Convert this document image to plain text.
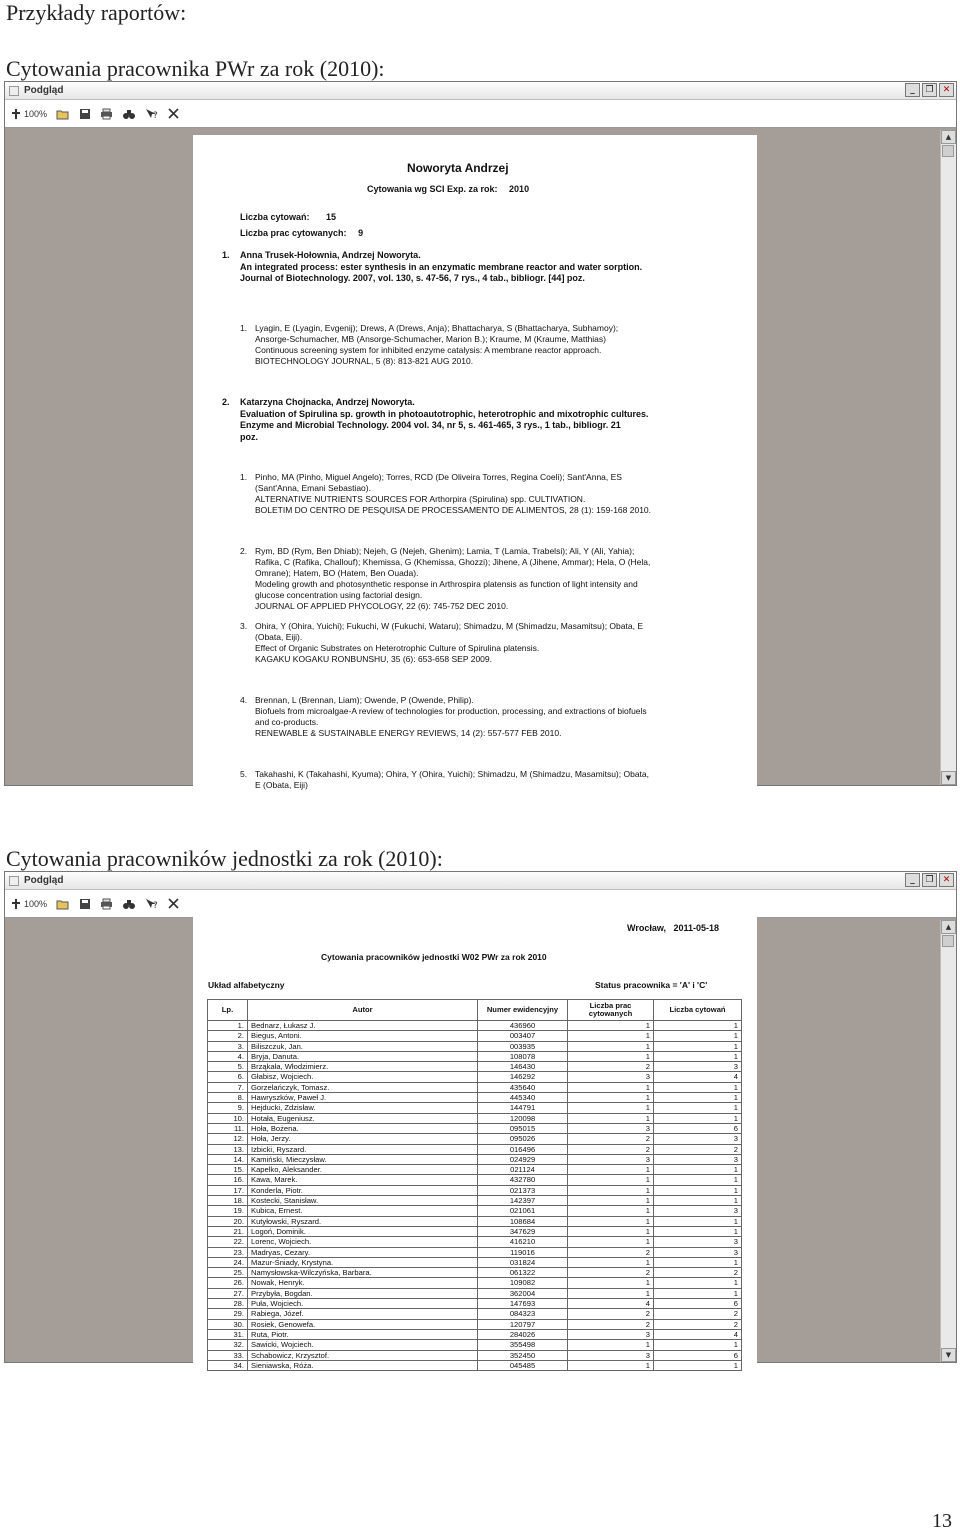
Przykłady raportów:
Cytowania pracownika PWr za rok (2010):
Podgląd	_	❐	✕
100%	?
Noworyta Andrzej
Cytowania wg SCI Exp. za rok: 2010
Liczba cytowań: 15
Liczba prac cytowanych: 9
1. Anna Trusek-Hołownia, Andrzej Noworyta.
An integrated process: ester synthesis in an enzymatic membrane reactor and water sorption.
Journal of Biotechnology. 2007, vol. 130, s. 47-56, 7 rys., 4 tab., bibliogr. [44] poz.
1. Lyagin, E (Lyagin, Evgenij); Drews, A (Drews, Anja); Bhattacharya, S (Bhattacharya, Subhamoy);
Ansorge-Schumacher, MB (Ansorge-Schumacher, Marion B.); Kraume, M (Kraume, Matthias)
Continuous screening system for inhibited enzyme catalysis: A membrane reactor approach.
BIOTECHNOLOGY JOURNAL, 5 (8): 813-821 AUG 2010.
2. Katarzyna Chojnacka, Andrzej Noworyta.
Evaluation of Spirulina sp. growth in photoautotrophic, heterotrophic and mixotrophic cultures.
Enzyme and Microbial Technology. 2004 vol. 34, nr 5, s. 461-465, 3 rys., 1 tab., bibliogr. 21
poz.
1. Pinho, MA (Pinho, Miguel Angelo); Torres, RCD (De Oliveira Torres, Regina Coeli); Sant'Anna, ES
(Sant'Anna, Emani Sebastiao).
ALTERNATIVE NUTRIENTS SOURCES FOR Arthorpira (Spirulina) spp. CULTIVATION.
BOLETIM DO CENTRO DE PESQUISA DE PROCESSAMENTO DE ALIMENTOS, 28 (1): 159-168 2010.
2. Rym, BD (Rym, Ben Dhiab); Nejeh, G (Nejeh, Ghenim); Lamia, T (Lamia, Trabelsi); Ali, Y (Ali, Yahia);
Rafika, C (Rafika, Challouf); Khemissa, G (Khemissa, Ghozzi); Jihene, A (Jihene, Ammar); Hela, O (Hela,
Omrane); Hatem, BO (Hatem, Ben Ouada).
Modeling growth and photosynthetic response in Arthrospira platensis as function of light intensity and
glucose concentration using factorial design.
JOURNAL OF APPLIED PHYCOLOGY, 22 (6): 745-752 DEC 2010.
3. Ohira, Y (Ohira, Yuichi); Fukuchi, W (Fukuchi, Wataru); Shimadzu, M (Shimadzu, Masamitsu); Obata, E
(Obata, Eiji).
Effect of Organic Substrates on Heterotrophic Culture of Spirulina platensis.
KAGAKU KOGAKU RONBUNSHU, 35 (6): 653-658 SEP 2009.
4. Brennan, L (Brennan, Liam); Owende, P (Owende, Philip).
Biofuels from microalgae-A review of technologies for production, processing, and extractions of biofuels
and co-products.
RENEWABLE & SUSTAINABLE ENERGY REVIEWS, 14 (2): 557-577 FEB 2010.
5. Takahashi, K (Takahashi, Kyuma); Ohira, Y (Ohira, Yuichi); Shimadzu, M (Shimadzu, Masamitsu); Obata,
E (Obata, Eiji)
▲
▼
Cytowania pracowników jednostki za rok (2010):
Podgląd	_	❐	✕
100%	?
Wrocław,   2011-05-18
Cytowania pracowników jednostki W02 PWr za rok 2010
Układ alfabetyczny	Status pracownika = 'A' i 'C'
Lp.	Autor	Numer ewidencyjny	Liczba prac cytowanych	Liczba cytowań
1.	Bednarz, Łukasz J.	436960	1	1
2.	Biegus, Antoni.	003407	1	1
3.	Biliszczuk, Jan.	003935	1	1
4.	Bryja, Danuta.	108078	1	1
5.	Brząkała, Włodzimierz.	146430	2	3
6.	Głabisz, Wojciech.	146292	3	4
7.	Gorzelańczyk, Tomasz.	435640	1	1
8.	Hawryszków, Paweł J.	445340	1	1
9.	Hejducki, Zdzisław.	144791	1	1
10.	Hotała, Eugeniusz.	120098	1	1
11.	Hoła, Bożena.	095015	3	6
12.	Hoła, Jerzy.	095026	2	3
13.	Izbicki, Ryszard.	016496	2	2
14.	Kamiński, Mieczysław.	024929	3	3
15.	Kapelko, Aleksander.	021124	1	1
16.	Kawa, Marek.	432780	1	1
17.	Konderla, Piotr.	021373	1	1
18.	Kostecki, Stanisław.	142397	1	1
19.	Kubica, Ernest.	021061	1	3
20.	Kutyłowski, Ryszard.	108684	1	1
21.	Logoń, Dominik.	347629	1	1
22.	Lorenc, Wojciech.	416210	1	3
23.	Madryas, Cezary.	119016	2	3
24.	Mazur-Śniady, Krystyna.	031824	1	1
25.	Namysłowska-Wilczyńska, Barbara.	061322	2	2
26.	Nowak, Henryk.	109082	1	1
27.	Przybyła, Bogdan.	362004	1	1
28.	Puła, Wojciech.	147693	4	6
29.	Rabiega, Józef.	084323	2	2
30.	Rosiek, Genowefa.	120797	2	2
31.	Ruta, Piotr.	284026	3	4
32.	Sawicki, Wojciech.	355498	1	1
33.	Schabowicz, Krzysztof.	352450	3	6
34.	Sieniawska, Róża.	045485	1	1
▲
▼
13
